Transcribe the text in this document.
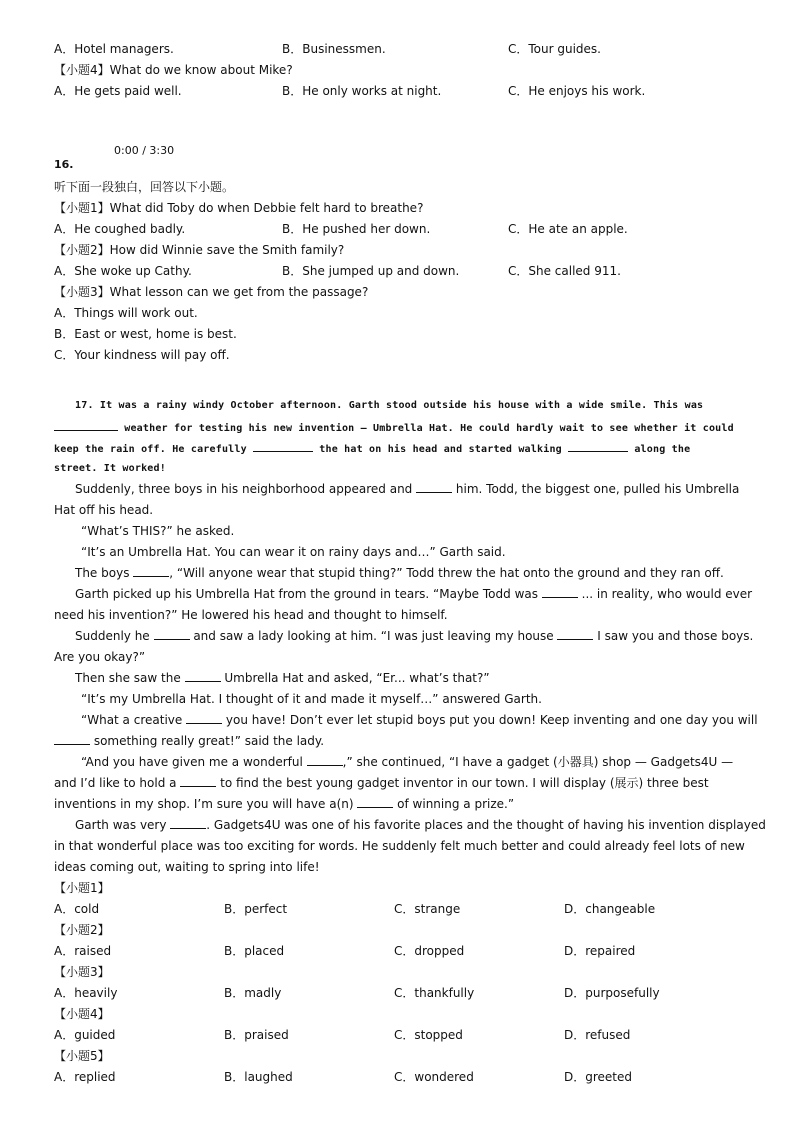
A．Hotel managers.	B．Businessmen.	C．Tour guides.
【小题4】What do we know about Mike?
A．He gets paid well.	B．He only works at night.	C．He enjoys his work.
0:00 / 3:30
16.
听下面一段独白，回答以下小题。
【小题1】What did Toby do when Debbie felt hard to breathe?
A．He coughed badly.	B．He pushed her down.	C．He ate an apple.
【小题2】How did Winnie save the Smith family?
A．She woke up Cathy.	B．She jumped up and down.	C．She called 911.
【小题3】What lesson can we get from the passage?
A．Things will work out.
B．East or west, home is best.
C．Your kindness will pay off.
17. It was a rainy windy October afternoon. Garth stood outside his house with a wide smile. This was
weather for testing his new invention — Umbrella Hat. He could hardly wait to see whether it could
keep the rain off. He carefully	the hat on his head and started walking	along the
street. It worked!
Suddenly, three boys in his neighborhood appeared and	him. Todd, the biggest one, pulled his Umbrella
Hat off his head.
“What’s THIS?” he asked.
“It’s an Umbrella Hat. You can wear it on rainy days and…” Garth said.
The boys	, “Will anyone wear that stupid thing?” Todd threw the hat onto the ground and they ran off.
Garth picked up his Umbrella Hat from the ground in tears. “Maybe Todd was	... in reality, who would ever
need his invention?” He lowered his head and thought to himself.
Suddenly he	and saw a lady looking at him. “I was just leaving my house	I saw you and those boys.
Are you okay?”
Then she saw the	Umbrella Hat and asked, “Er... what’s that?”
“It’s my Umbrella Hat. I thought of it and made it myself…” answered Garth.
“What a creative	you have! Don’t ever let stupid boys put you down! Keep inventing and one day you will
something really great!” said the lady.
“And you have given me a wonderful	,” she continued, “I have a gadget (小器具) shop — Gadgets4U —
and I’d like to hold a	to find the best young gadget inventor in our town. I will display (展示) three best
inventions in my shop. I’m sure you will have a(n)	of winning a prize.”
Garth was very	. Gadgets4U was one of his favorite places and the thought of having his invention displayed
in that wonderful place was too exciting for words. He suddenly felt much better and could already feel lots of new
ideas coming out, waiting to spring into life!
【小题1】
A．cold	B．perfect	C．strange	D．changeable
【小题2】
A．raised	B．placed	C．dropped	D．repaired
【小题3】
A．heavily	B．madly	C．thankfully	D．purposefully
【小题4】
A．guided	B．praised	C．stopped	D．refused
【小题5】
A．replied	B．laughed	C．wondered	D．greeted
